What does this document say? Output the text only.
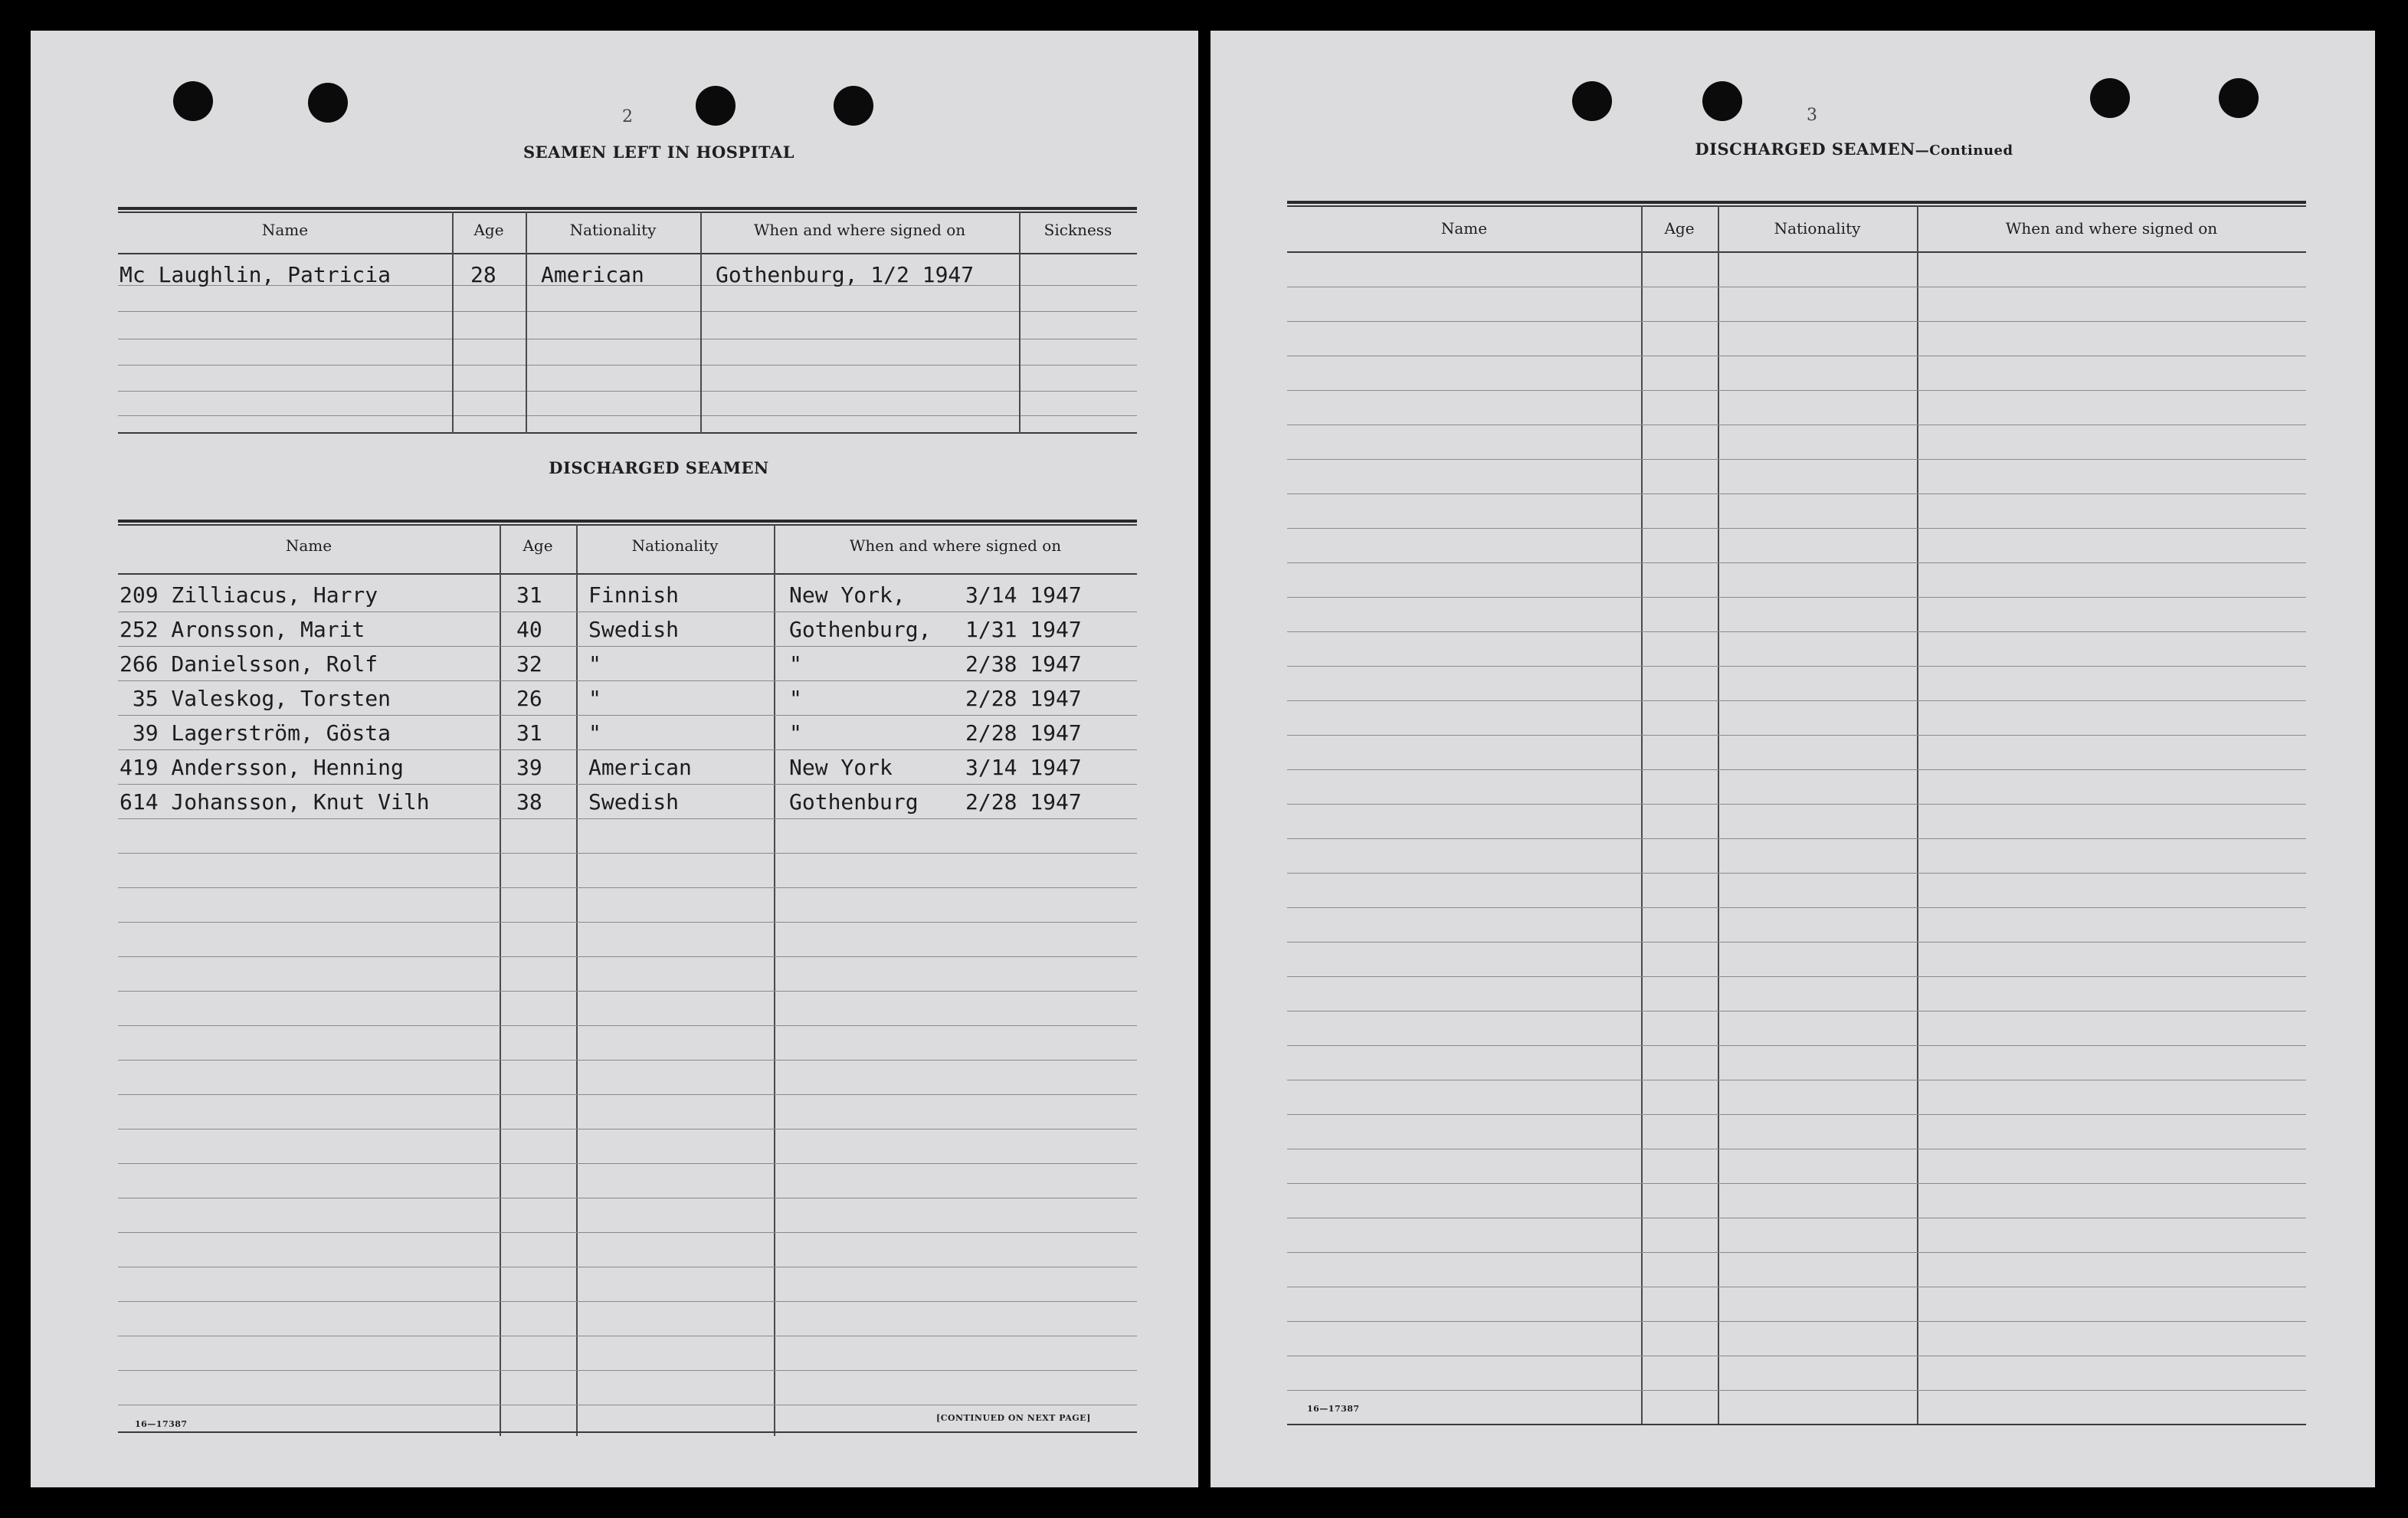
2
SEAMEN LEFT IN HOSPITAL
Name	Age	Nationality	When and where signed on	Sickness
Mc Laughlin, Patricia	28 American	Gothenburg, 1/2 1947
DISCHARGED SEAMEN
Name	Age	Nationality	When and where signed on
209 Zilliacus, Harry	31 Finnish	New York,	3/14 1947
252 Aronsson, Marit	40 Swedish	Gothenburg, 1/31 1947
266 Danielsson, Rolf	32 "	"	2/38 1947
35 Valeskog, Torsten	26 "	"	2/28 1947
39 Lagerström, Gösta	31 "	"	2/28 1947
419 Andersson, Henning	39 American	New York	3/14 1947
614 Johansson, Knut Vilh	38 Swedish	Gothenburg 2/28 1947
16—17387
[CONTINUED ON NEXT PAGE]
3
DISCHARGED SEAMEN—Continued
Name	Age	Nationality	When and where signed on
16—17387
